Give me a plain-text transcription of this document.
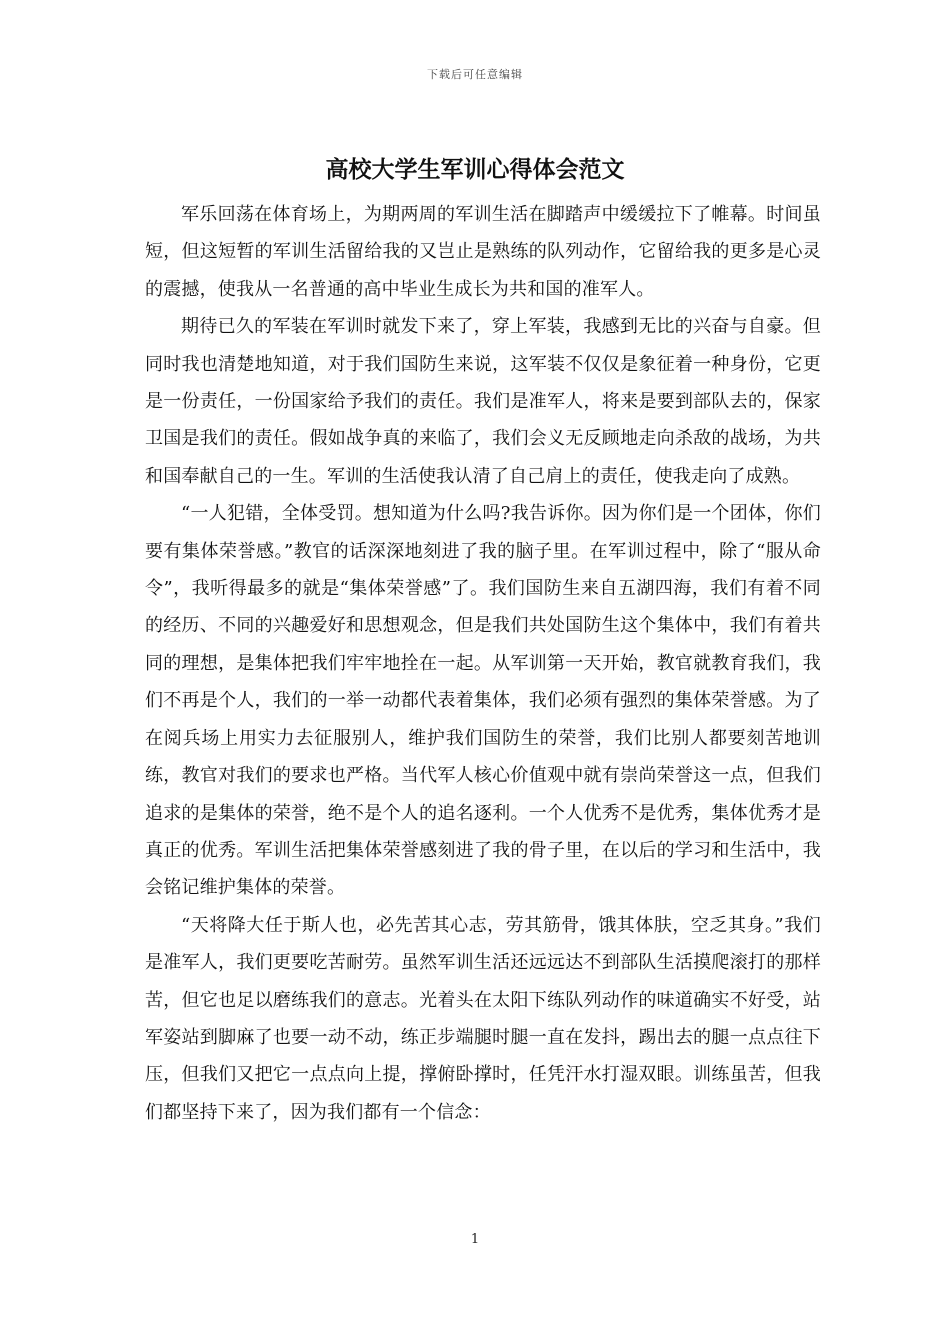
下载后可任意编辑
高校大学生军训心得体会范文

军乐回荡在体育场上，为期两周的军训生活在脚踏声中缓缓拉下了帷幕。时间虽短，但这短暂的军训生活留给我的又岂止是熟练的队列动作，它留给我的更多是心灵的震撼，使我从一名普通的高中毕业生成长为共和国的准军人。

期待已久的军装在军训时就发下来了，穿上军装，我感到无比的兴奋与自豪。但同时我也清楚地知道，对于我们国防生来说，这军装不仅仅是象征着一种身份，它更是一份责任，一份国家给予我们的责任。我们是准军人，将来是要到部队去的，保家卫国是我们的责任。假如战争真的来临了，我们会义无反顾地走向杀敌的战场，为共和国奉献自己的一生。军训的生活使我认清了自己肩上的责任，使我走向了成熟。

“一人犯错，全体受罚。想知道为什么吗?我告诉你。因为你们是一个团体，你们要有集体荣誉感。”教官的话深深地刻进了我的脑子里。在军训过程中，除了“服从命令”，我听得最多的就是“集体荣誉感”了。我们国防生来自五湖四海，我们有着不同的经历、不同的兴趣爱好和思想观念，但是我们共处国防生这个集体中，我们有着共同的理想，是集体把我们牢牢地拴在一起。从军训第一天开始，教官就教育我们，我们不再是个人，我们的一举一动都代表着集体，我们必须有强烈的集体荣誉感。为了在阅兵场上用实力去征服别人，维护我们国防生的荣誉，我们比别人都要刻苦地训练，教官对我们的要求也严格。当代军人核心价值观中就有崇尚荣誉这一点，但我们追求的是集体的荣誉，绝不是个人的追名逐利。一个人优秀不是优秀，集体优秀才是真正的优秀。军训生活把集体荣誉感刻进了我的骨子里，在以后的学习和生活中，我会铭记维护集体的荣誉。

“天将降大任于斯人也，必先苦其心志，劳其筋骨，饿其体肤，空乏其身。”我们是准军人，我们更要吃苦耐劳。虽然军训生活还远远达不到部队生活摸爬滚打的那样苦，但它也足以磨练我们的意志。光着头在太阳下练队列动作的味道确实不好受，站军姿站到脚麻了也要一动不动，练正步端腿时腿一直在发抖，踢出去的腿一点点往下压，但我们又把它一点点向上提，撑俯卧撑时，任凭汗水打湿双眼。训练虽苦，但我们都坚持下来了，因为我们都有一个信念：

1
